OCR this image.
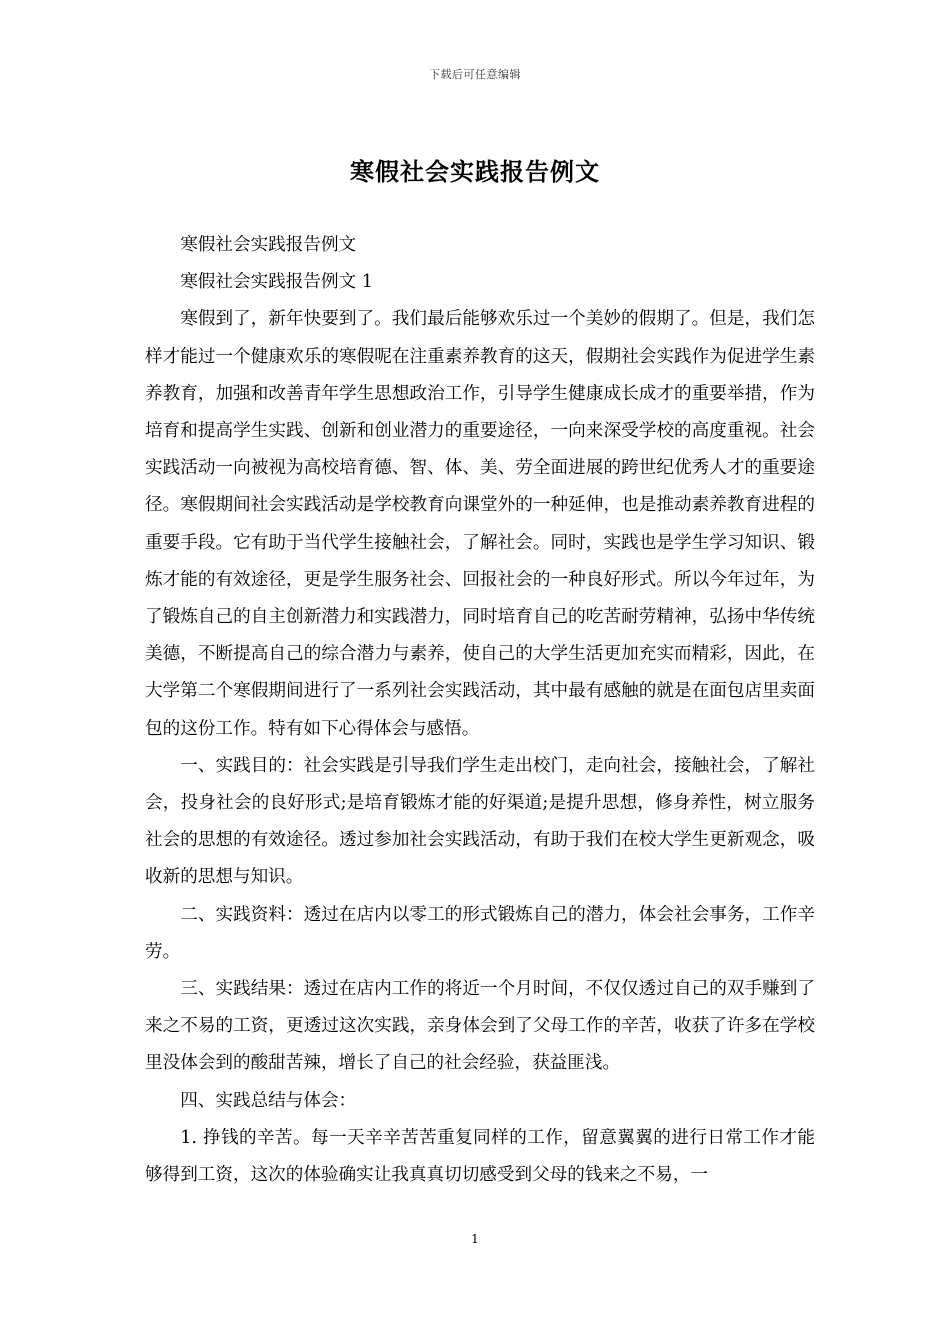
下载后可任意编辑
寒假社会实践报告例文

寒假社会实践报告例文

寒假社会实践报告例文 1

寒假到了，新年快要到了。我们最后能够欢乐过一个美妙的假期了。但是，我们怎样才能过一个健康欢乐的寒假呢在注重素养教育的这天，假期社会实践作为促进学生素养教育，加强和改善青年学生思想政治工作，引导学生健康成长成才的重要举措，作为培育和提高学生实践、创新和创业潜力的重要途径，一向来深受学校的高度重视。社会实践活动一向被视为高校培育德、智、体、美、劳全面进展的跨世纪优秀人才的重要途径。寒假期间社会实践活动是学校教育向课堂外的一种延伸，也是推动素养教育进程的重要手段。它有助于当代学生接触社会，了解社会。同时，实践也是学生学习知识、锻炼才能的有效途径，更是学生服务社会、回报社会的一种良好形式。所以今年过年，为了锻炼自己的自主创新潜力和实践潜力，同时培育自己的吃苦耐劳精神，弘扬中华传统美德，不断提高自己的综合潜力与素养，使自己的大学生活更加充实而精彩，因此，在大学第二个寒假期间进行了一系列社会实践活动，其中最有感触的就是在面包店里卖面包的这份工作。特有如下心得体会与感悟。

一、实践目的：社会实践是引导我们学生走出校门，走向社会，接触社会，了解社会，投身社会的良好形式;是培育锻炼才能的好渠道;是提升思想，修身养性，树立服务社会的思想的有效途径。透过参加社会实践活动，有助于我们在校大学生更新观念，吸收新的思想与知识。

二、实践资料：透过在店内以零工的形式锻炼自己的潜力，体会社会事务，工作辛劳。

三、实践结果：透过在店内工作的将近一个月时间，不仅仅透过自己的双手赚到了来之不易的工资，更透过这次实践，亲身体会到了父母工作的辛苦，收获了许多在学校里没体会到的酸甜苦辣，增长了自己的社会经验，获益匪浅。

四、实践总结与体会：

1. 挣钱的辛苦。每一天辛辛苦苦重复同样的工作，留意翼翼的进行日常工作才能够得到工资，这次的体验确实让我真真切切感受到父母的钱来之不易，一

1
